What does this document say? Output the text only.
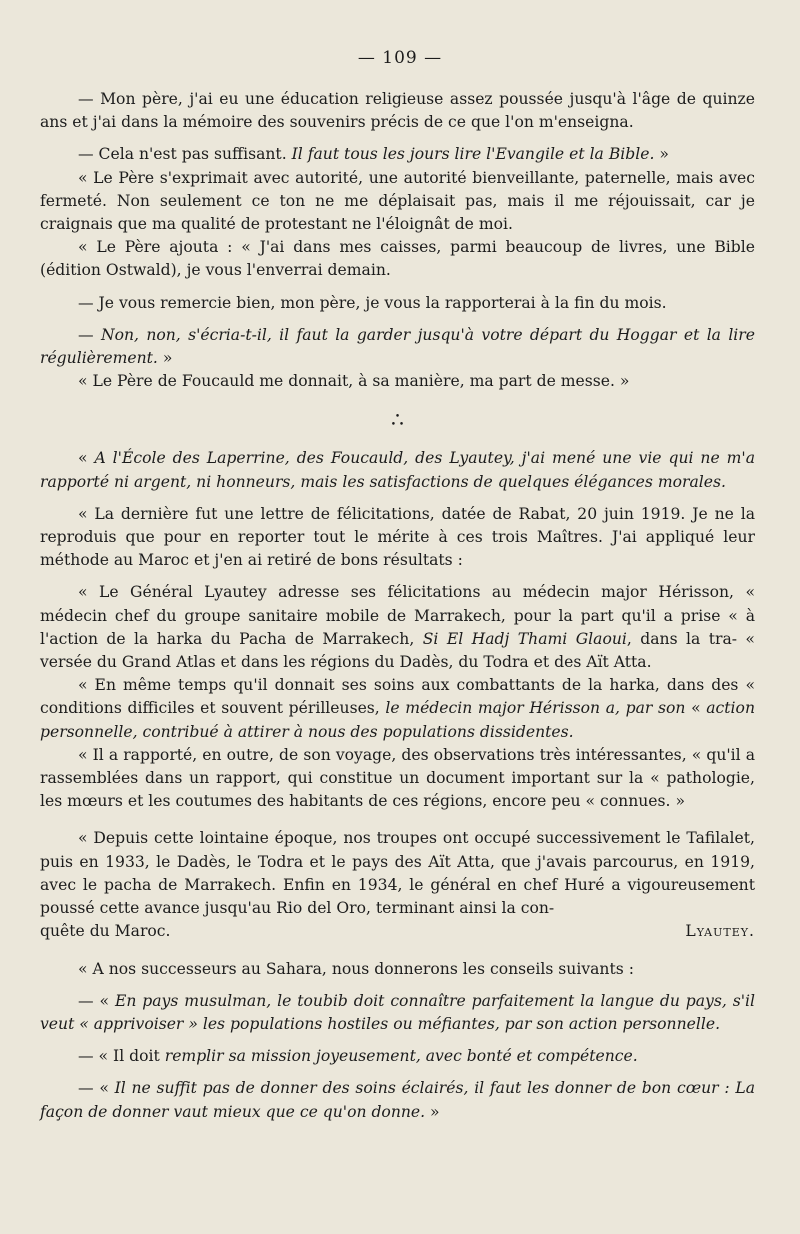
— 109 —

— Mon père, j'ai eu une éducation religieuse assez poussée jusqu'à l'âge de quinze ans et j'ai dans la mémoire des souvenirs précis de ce que l'on m'enseigna.

— Cela n'est pas suffisant. Il faut tous les jours lire l'Evangile et la Bible. »

« Le Père s'exprimait avec autorité, une autorité bienveillante, paternelle, mais avec fermeté. Non seulement ce ton ne me déplaisait pas, mais il me réjouissait, car je craignais que ma qualité de protestant ne l'éloignât de moi.

« Le Père ajouta : « J'ai dans mes caisses, parmi beaucoup de livres, une Bible (édition Ostwald), je vous l'enverrai demain.

— Je vous remercie bien, mon père, je vous la rapporterai à la fin du mois.

— Non, non, s'écria-t-il, il faut la garder jusqu'à votre départ du Hoggar et la lire régulièrement. »

« Le Père de Foucauld me donnait, à sa manière, ma part de messe. »

•
• •

« A l'École des Laperrine, des Foucauld, des Lyautey, j'ai mené une vie qui ne m'a rapporté ni argent, ni honneurs, mais les satisfactions de quelques élégances morales.

« La dernière fut une lettre de félicitations, datée de Rabat, 20 juin 1919. Je ne la reproduis que pour en reporter tout le mérite à ces trois Maîtres. J'ai appliqué leur méthode au Maroc et j'en ai retiré de bons résultats :

« Le Général Lyautey adresse ses félicitations au médecin major Hérisson, « médecin chef du groupe sanitaire mobile de Marrakech, pour la part qu'il a prise « à l'action de la harka du Pacha de Marrakech, Si El Hadj Thami Glaoui, dans la tra- « versée du Grand Atlas et dans les régions du Dadès, du Todra et des Aït Atta.

« En même temps qu'il donnait ses soins aux combattants de la harka, dans des « conditions difficiles et souvent périlleuses, le médecin major Hérisson a, par son « action personnelle, contribué à attirer à nous des populations dissidentes.

« Il a rapporté, en outre, de son voyage, des observations très intéressantes, « qu'il a rassemblées dans un rapport, qui constitue un document important sur la « pathologie, les mœurs et les coutumes des habitants de ces régions, encore peu « connues. »

« Depuis cette lointaine époque, nos troupes ont occupé successivement le Tafilalet, puis en 1933, le Dadès, le Todra et le pays des Aït Atta, que j'avais parcourus, en 1919, avec le pacha de Marrakech. Enfin en 1934, le général en chef Huré a vigoureusement poussé cette avance jusqu'au Rio del Oro, terminant ainsi la con-

quête du Maroc.	Lyautey.

« A nos successeurs au Sahara, nous donnerons les conseils suivants :

— « En pays musulman, le toubib doit connaître parfaitement la langue du pays, s'il veut « apprivoiser » les populations hostiles ou méfiantes, par son action personnelle.

— « Il doit remplir sa mission joyeusement, avec bonté et compétence.

— « Il ne suffit pas de donner des soins éclairés, il faut les donner de bon cœur : La façon de donner vaut mieux que ce qu'on donne. »
